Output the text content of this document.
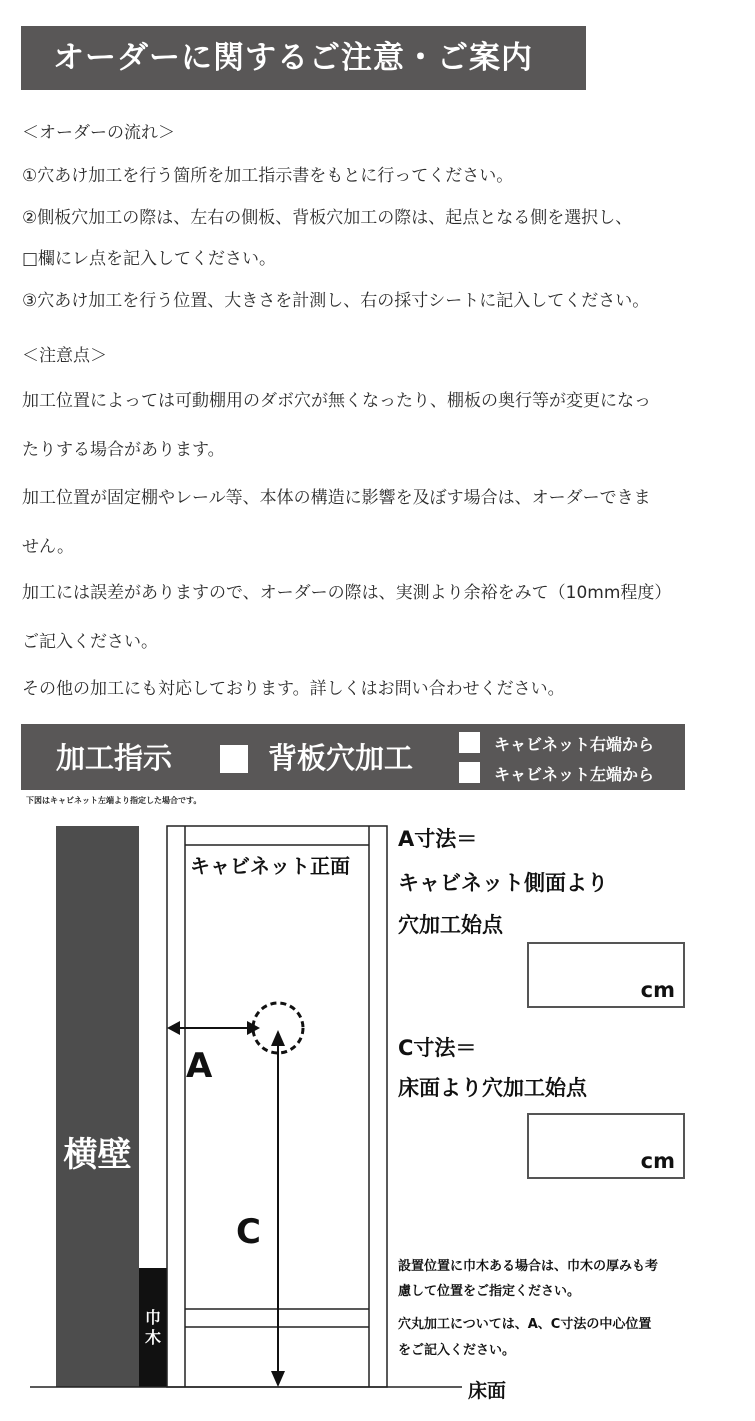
オーダーに関するご注意・ご案内
＜オーダーの流れ＞
①穴あけ加工を行う箇所を加工指示書をもとに行ってください。
②側板穴加工の際は、左右の側板、背板穴加工の際は、起点となる側を選択し、
□欄にレ点を記入してください。
③穴あけ加工を行う位置、大きさを計測し、右の採寸シートに記入してください。
＜注意点＞
加工位置によっては可動棚用のダボ穴が無くなったり、棚板の奥行等が変更になっ
たりする場合があります。
加工位置が固定棚やレール等、本体の構造に影響を及ぼす場合は、オーダーできま
せん。
加工には誤差がありますので、オーダーの際は、実測より余裕をみて（10mm程度）
ご記入ください。
その他の加工にも対応しております。詳しくはお問い合わせください。
加工指示	背板穴加工	キャビネット右端から
キャビネット左端から
下図はキャビネット左端より指定した場合です。
横壁
巾木
キャビネット正面
A
C
床面
A寸法＝
キャビネット側面より
穴加工始点
cm
C寸法＝
床面より穴加工始点
cm
設置位置に巾木ある場合は、巾木の厚みも考
慮して位置をご指定ください。
穴丸加工については、A、C寸法の中心位置
をご記入ください。
